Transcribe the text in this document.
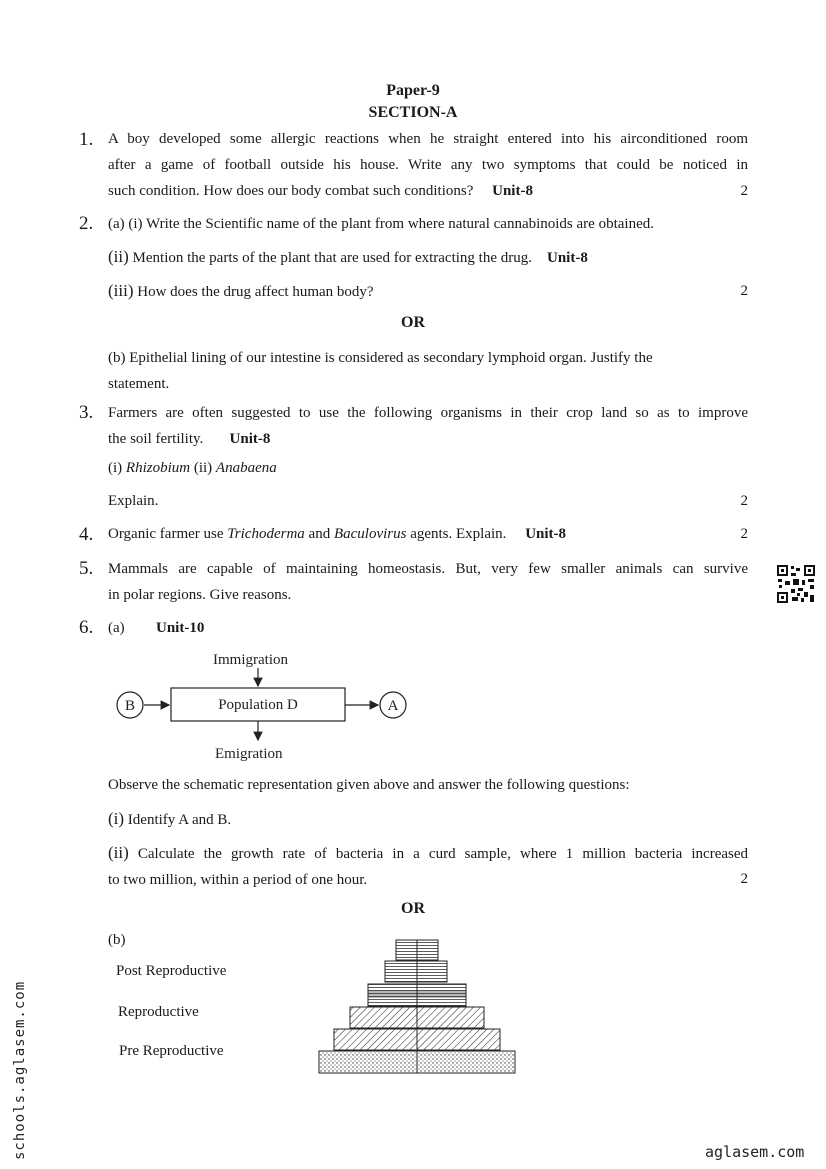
Paper-9
SECTION-A
1. A boy developed some allergic reactions when he straight entered into his airconditioned room
after a game of football outside his house. Write any two symptoms that could be noticed in
such condition. How does our body combat such conditions? Unit-8	2
2. (a) (i) Write the Scientific name of the plant from where natural cannabinoids are obtained.
(ii) Mention the parts of the plant that are used for extracting the drug. Unit-8
(iii) How does the drug affect human body?	2
OR
(b) Epithelial lining of our intestine is considered as secondary lymphoid organ. Justify the
statement.
3. Farmers are often suggested to use the following organisms in their crop land so as to improve
the soil fertility. Unit-8
(i) Rhizobium (ii) Anabaena
Explain.	2
4. Organic farmer use Trichoderma and Baculovirus agents. Explain. Unit-8	2
5. Mammals are capable of maintaining homeostasis. But, very few smaller animals can survive
in polar regions. Give reasons.
6. (a) Unit-10
Immigration
Population D
B	A
Emigration
Observe the schematic representation given above and answer the following questions:
(i) Identify A and B.
(ii) Calculate the growth rate of bacteria in a curd sample, where 1 million bacteria increased
to two million, within a period of one hour.	2
OR
(b)
Post Reproductive
Reproductive
Pre Reproductive
schools.aglasem.com	aglasem.com
